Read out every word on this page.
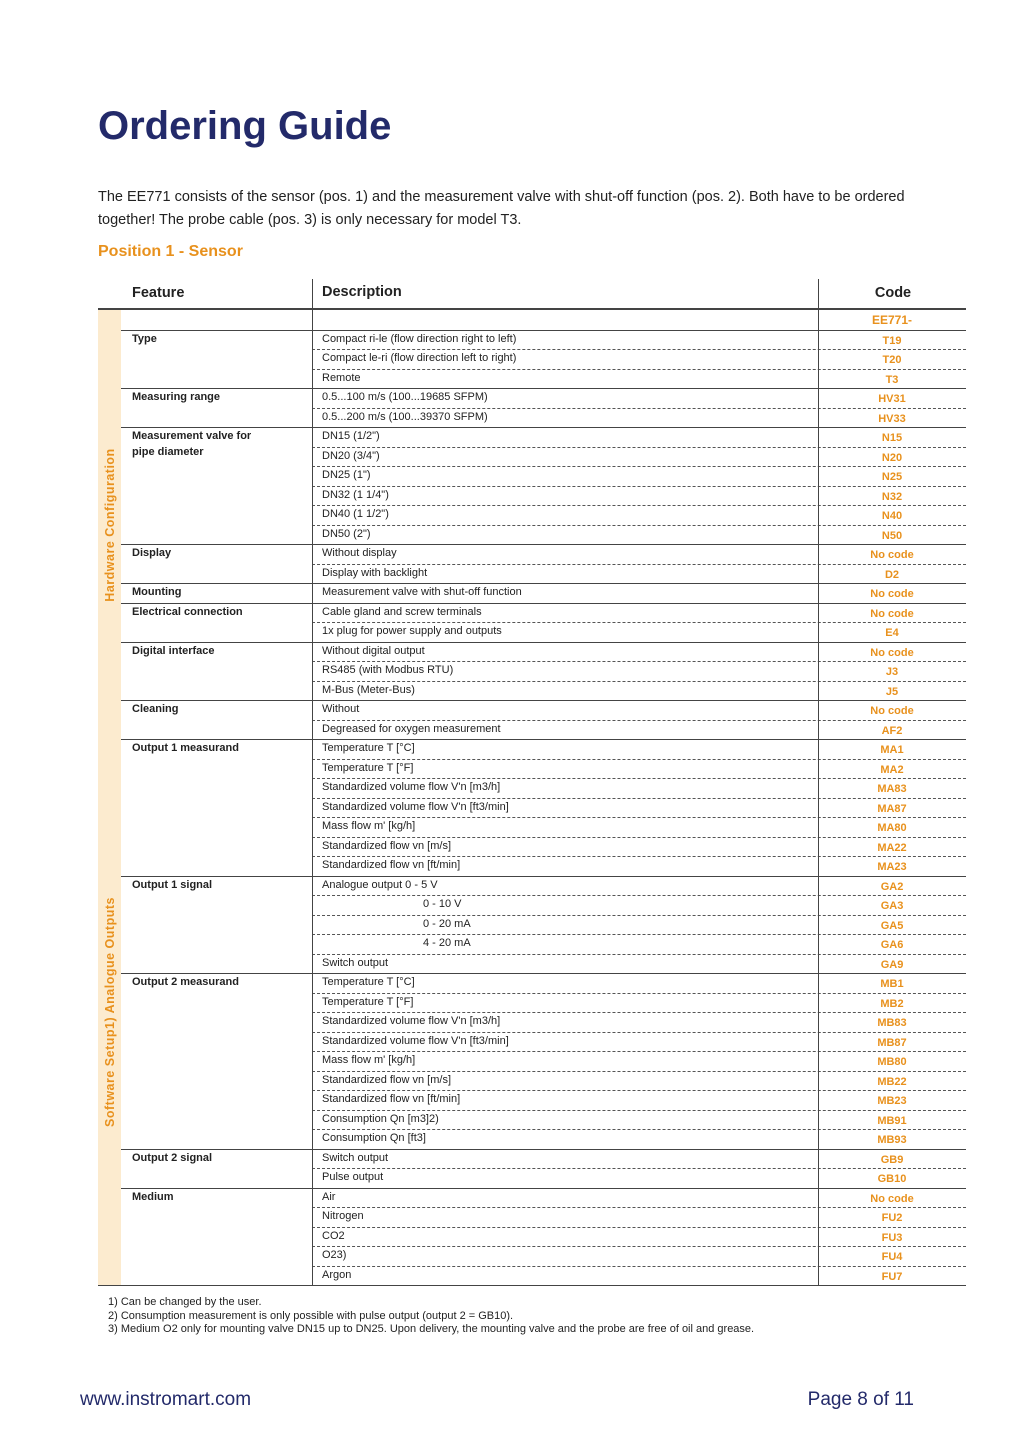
Ordering Guide
The EE771 consists of the sensor (pos. 1) and the measurement valve with shut-off function (pos. 2). Both have to be ordered together! The probe cable (pos. 3) is only necessary for model T3.
Position 1 - Sensor
Feature	Description	Code
EE771-
Type	Compact ri-le (flow direction right to left)	T19
Compact le-ri (flow direction left to right)	T20
Remote	T3
Measuring range	0.5...100 m/s (100...19685 SFPM)	HV31
0.5...200 m/s (100...39370 SFPM)	HV33
Measurement valve for
pipe diameter
DN15 (1/2")	N15
DN20 (3/4")	N20
DN25 (1")	N25
DN32 (1 1/4")	N32
DN40 (1 1/2")	N40
DN50 (2")	N50
Display	Without display	No code
Display with backlight	D2
Mounting	Measurement valve with shut-off function	No code
Electrical connection	Cable gland and screw terminals	No code
1x plug for power supply and outputs	E4
Digital interface	Without digital output	No code
RS485 (with Modbus RTU)	J3
M-Bus (Meter-Bus)	J5
Cleaning	Without	No code
Degreased for oxygen measurement	AF2
Hardware Configuration
Output 1 measurand	Temperature T [°C]	MA1
Temperature T [°F]	MA2
Standardized volume flow V'n [m3/h]	MA83
Standardized volume flow V'n [ft3/min]	MA87
Mass flow m' [kg/h]	MA80
Standardized flow vn [m/s]	MA22
Standardized flow vn [ft/min]	MA23
Output 1 signal	Analogue output 0 - 5 V	GA2
0 - 10 V	GA3
0 - 20 mA	GA5
4 - 20 mA	GA6
Switch output	GA9
Output 2 measurand	Temperature T [°C]	MB1
Temperature T [°F]	MB2
Standardized volume flow V'n [m3/h]	MB83
Standardized volume flow V'n [ft3/min]	MB87
Mass flow m' [kg/h]	MB80
Standardized flow vn [m/s]	MB22
Standardized flow vn [ft/min]	MB23
Consumption Qn [m3]2)	MB91
Consumption Qn [ft3]	MB93
Output 2 signal	Switch output	GB9
Pulse output	GB10
Medium	Air	No code
Nitrogen	FU2
CO2	FU3
O23)	FU4
Argon	FU7
Software Setup1) Analogue Outputs
1) Can be changed by the user.
2) Consumption measurement is only possible with pulse output (output 2 = GB10).
3) Medium O2 only for mounting valve DN15 up to DN25. Upon delivery, the mounting valve and the probe are free of oil and grease.
www.instromart.com	Page 8 of 11
